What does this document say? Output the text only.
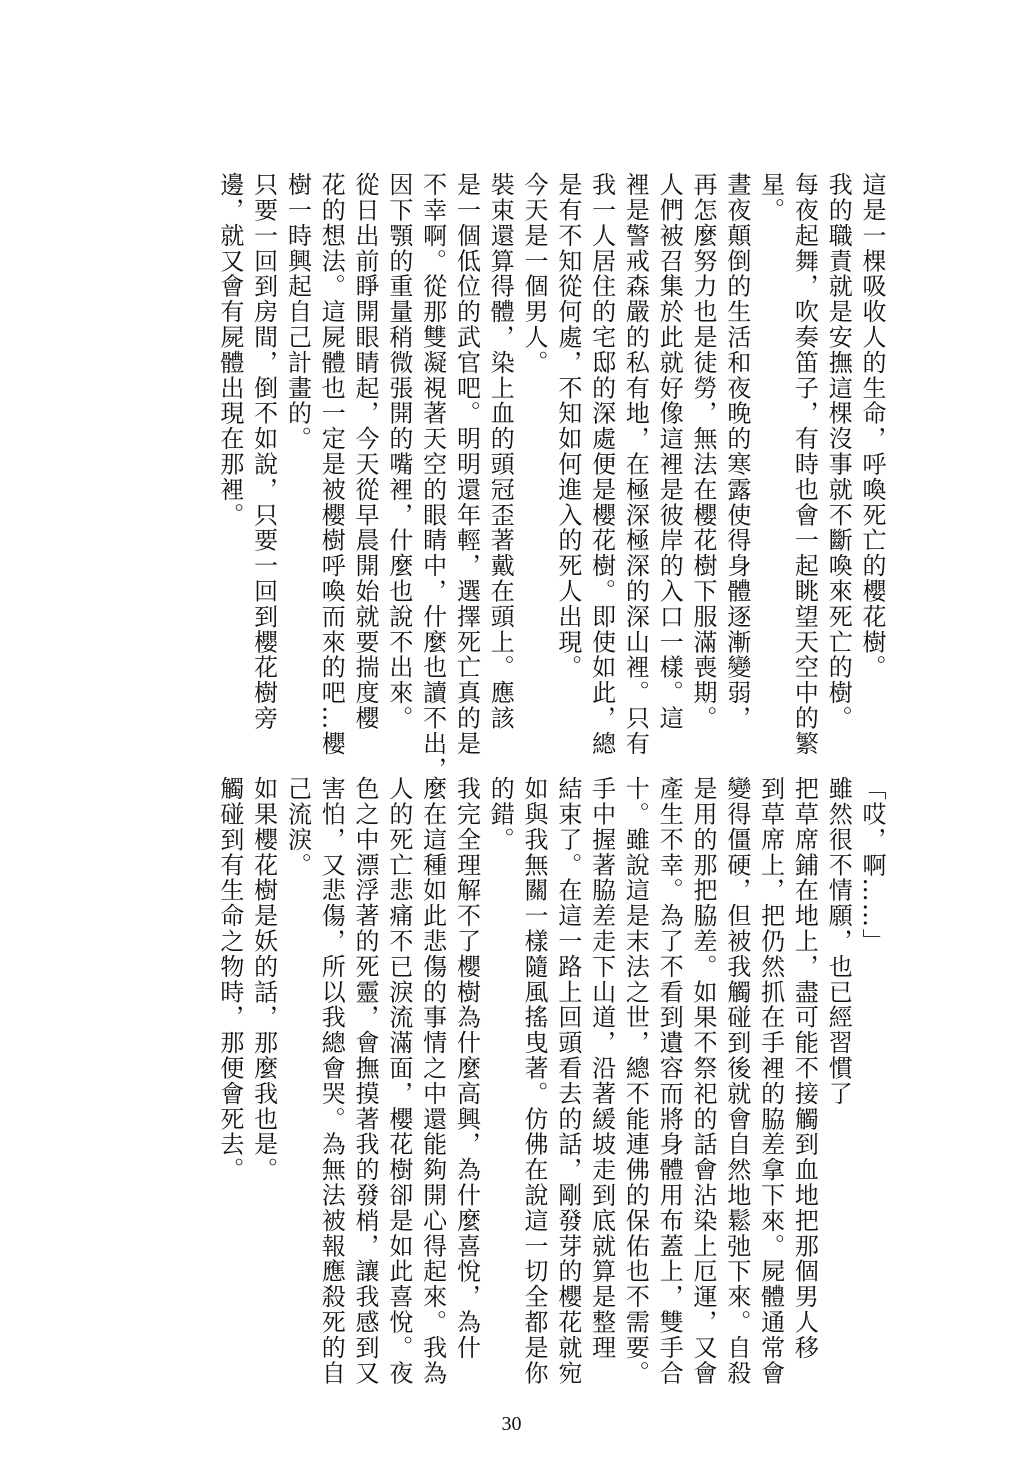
這是一棵吸收人的生命，呼喚死亡的櫻花樹。
我的職責就是安撫這棵沒事就不斷喚來死亡的樹。
每夜起舞，吹奏笛子，有時也會一起眺望天空中的繁
星。
晝夜顛倒的生活和夜晚的寒露使得身體逐漸變弱，
再怎麼努力也是徒勞，無法在櫻花樹下服滿喪期。
人們被召集於此就好像這裡是彼岸的入口一樣。這
裡是警戒森嚴的私有地，在極深極深的深山裡。只有
我一人居住的宅邸的深處便是櫻花樹。即使如此，總
是有不知從何處，不知如何進入的死人出現。
今天是一個男人。
裝束還算得體，染上血的頭冠歪著戴在頭上。應該
是一個低位的武官吧。明明還年輕，選擇死亡真的是
不幸啊。從那雙凝視著天空的眼睛中，什麼也讀不出，
因下顎的重量稍微張開的嘴裡，什麼也說不出來。
從日出前睜開眼睛起，今天從早晨開始就要揣度櫻
花的想法。這屍體也一定是被櫻樹呼喚而來的吧…櫻
樹一時興起自己計畫的。
只要一回到房間，倒不如說，只要一回到櫻花樹旁
邊，就又會有屍體出現在那裡。
「哎，啊……」
雖然很不情願，也已經習慣了
把草席鋪在地上，盡可能不接觸到血地把那個男人移
到草席上，把仍然抓在手裡的脇差拿下來。屍體通常會
變得僵硬，但被我觸碰到後就會自然地鬆弛下來。自殺
是用的那把脇差。如果不祭祀的話會沾染上厄運，又會
產生不幸。為了不看到遺容而將身體用布蓋上，雙手合
十。雖說這是末法之世，總不能連佛的保佑也不需要。
手中握著脇差走下山道，沿著緩坡走到底就算是整理
結束了。在這一路上回頭看去的話，剛發芽的櫻花就宛
如與我無關一樣隨風搖曳著。仿佛在說這一切全都是你
的錯。
我完全理解不了櫻樹為什麼高興，為什麼喜悅，為什
麼在這種如此悲傷的事情之中還能夠開心得起來。我為
人的死亡悲痛不已淚流滿面，櫻花樹卻是如此喜悅。夜
色之中漂浮著的死靈，會撫摸著我的發梢，讓我感到又
害怕，又悲傷，所以我總會哭。為無法被報應殺死的自
己流淚。
如果櫻花樹是妖的話，那麼我也是。
觸碰到有生命之物時，那便會死去。
30
